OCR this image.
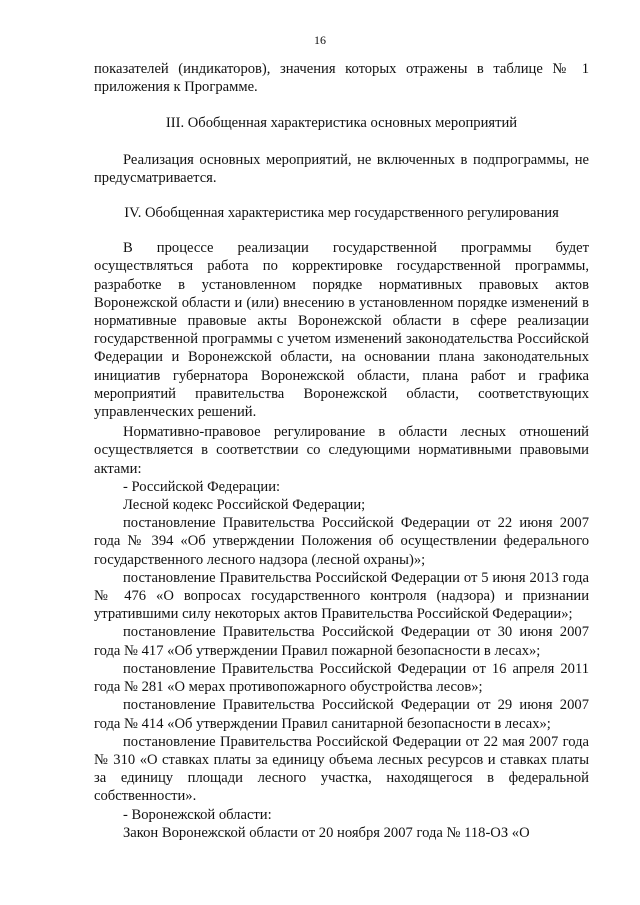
16

показателей (индикаторов), значения которых отражены в таблице № 1 приложения к Программе.

III. Обобщенная характеристика основных мероприятий

Реализация основных мероприятий, не включенных в подпрограммы, не предусматривается.

IV. Обобщенная характеристика мер государственного регулирования

В процессе реализации государственной программы будет осуществляться работа по корректировке государственной программы, разработке в установленном порядке нормативных правовых актов Воронежской области и (или) внесению в установленном порядке изменений в нормативные правовые акты Воронежской области в сфере реализации государственной программы с учетом изменений законодательства Российской Федерации и Воронежской области, на основании плана законодательных инициатив губернатора Воронежской области, плана работ и графика мероприятий правительства Воронежской области, соответствующих управленческих решений.

Нормативно-правовое регулирование в области лесных отношений осуществляется в соответствии со следующими нормативными правовыми актами:

- Российской Федерации:

Лесной кодекс Российской Федерации;

постановление Правительства Российской Федерации от 22 июня 2007 года № 394 «Об утверждении Положения об осуществлении федерального государственного лесного надзора (лесной охраны)»;

постановление Правительства Российской Федерации от 5 июня 2013 года № 476 «О вопросах государственного контроля (надзора) и признании утратившими силу некоторых актов Правительства Российской Федерации»;

постановление Правительства Российской Федерации от 30 июня 2007 года № 417 «Об утверждении Правил пожарной безопасности в лесах»;

постановление Правительства Российской Федерации от 16 апреля 2011 года № 281 «О мерах противопожарного обустройства лесов»;

постановление Правительства Российской Федерации от 29 июня 2007 года № 414 «Об утверждении Правил санитарной безопасности в лесах»;

постановление Правительства Российской Федерации от 22 мая 2007 года № 310 «О ставках платы за единицу объема лесных ресурсов и ставках платы за единицу площади лесного участка, находящегося в федеральной собственности».

- Воронежской области:

Закон Воронежской области от 20 ноября 2007 года № 118-ОЗ «О
